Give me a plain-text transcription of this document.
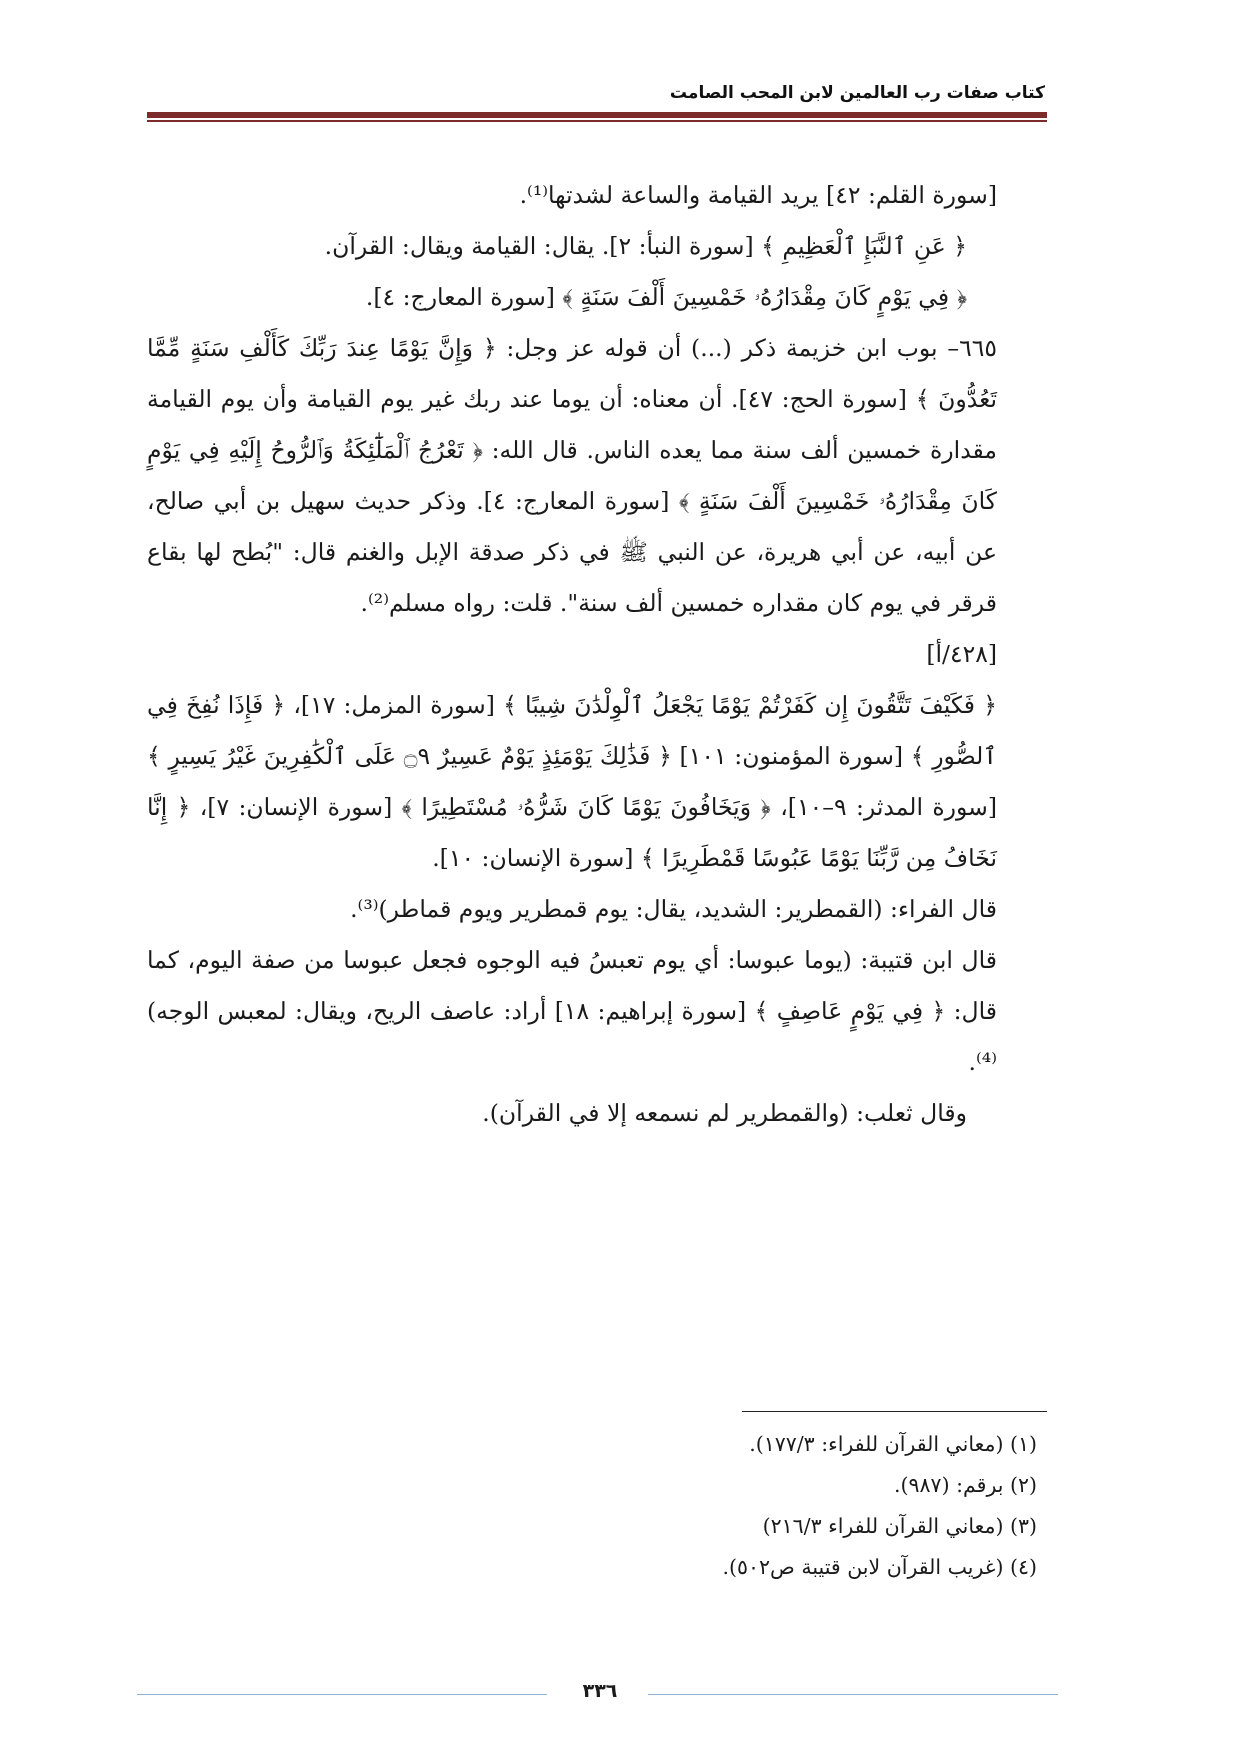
كتاب صفات رب العالمين لابن المحب الصامت

[سورة القلم: ٤٢] يريد القيامة والساعة لشدتها⁽¹⁾.

﴿ عَنِ ٱلنَّبَإِ ٱلْعَظِيمِ ﴾ [سورة النبأ: ٢]. يقال: القيامة ويقال: القرآن.

﴿ فِي يَوْمٍ كَانَ مِقْدَارُهُۥ خَمْسِينَ أَلْفَ سَنَةٍ ﴾ [سورة المعارج: ٤].

٦٦٥– بوب ابن خزيمة ذكر (...) أن قوله عز وجل: ﴿ وَإِنَّ يَوْمًا عِندَ رَبِّكَ كَأَلْفِ سَنَةٍ مِّمَّا تَعُدُّونَ ﴾ [سورة الحج: ٤٧]. أن معناه: أن يوما عند ربك غير يوم القيامة وأن يوم القيامة مقدارة خمسين ألف سنة مما يعده الناس. قال الله: ﴿ تَعْرُجُ ٱلْمَلَٰٓئِكَةُ وَٱلرُّوحُ إِلَيْهِ فِي يَوْمٍ كَانَ مِقْدَارُهُۥ خَمْسِينَ أَلْفَ سَنَةٍ ﴾ [سورة المعارج: ٤]. وذكر حديث سهيل بن أبي صالح، عن أبيه، عن أبي هريرة، عن النبي ﷺ في ذكر صدقة الإبل والغنم قال: "بُطح لها بقاع قرقر في يوم كان مقداره خمسين ألف سنة". قلت: رواه مسلم⁽²⁾.

[٤٢٨/أ]

﴿ فَكَيْفَ تَتَّقُونَ إِن كَفَرْتُمْ يَوْمًا يَجْعَلُ ٱلْوِلْدَٰنَ شِيبًا ﴾ [سورة المزمل: ١٧]، ﴿ فَإِذَا نُفِخَ فِي ٱلصُّورِ ﴾ [سورة المؤمنون: ١٠١] ﴿ فَذَٰلِكَ يَوْمَئِذٍ يَوْمٌ عَسِيرٌ ۝٩ عَلَى ٱلْكَٰفِرِينَ غَيْرُ يَسِيرٍ ﴾ [سورة المدثر: ٩–١٠]، ﴿ وَيَخَافُونَ يَوْمًا كَانَ شَرُّهُۥ مُسْتَطِيرًا ﴾ [سورة الإنسان: ٧]، ﴿ إِنَّا نَخَافُ مِن رَّبِّنَا يَوْمًا عَبُوسًا قَمْطَرِيرًا ﴾ [سورة الإنسان: ١٠].

قال الفراء: (القمطرير: الشديد، يقال: يوم قمطرير ويوم قماطر)⁽³⁾.

قال ابن قتيبة: (يوما عبوسا: أي يوم تعبسُ فيه الوجوه فجعل عبوسا من صفة اليوم، كما قال: ﴿ فِي يَوْمٍ عَاصِفٍ ﴾ [سورة إبراهيم: ١٨] أراد: عاصف الريح، ويقال: لمعبس الوجه)⁽⁴⁾.

وقال ثعلب: (والقمطرير لم نسمعه إلا في القرآن).

(١) (معاني القرآن للفراء: ١٧٧/٣).

(٢) برقم: (٩٨٧).

(٣) (معاني القرآن للفراء ٢١٦/٣)

(٤) (غريب القرآن لابن قتيبة ص٥٠٢).

٣٣٦
